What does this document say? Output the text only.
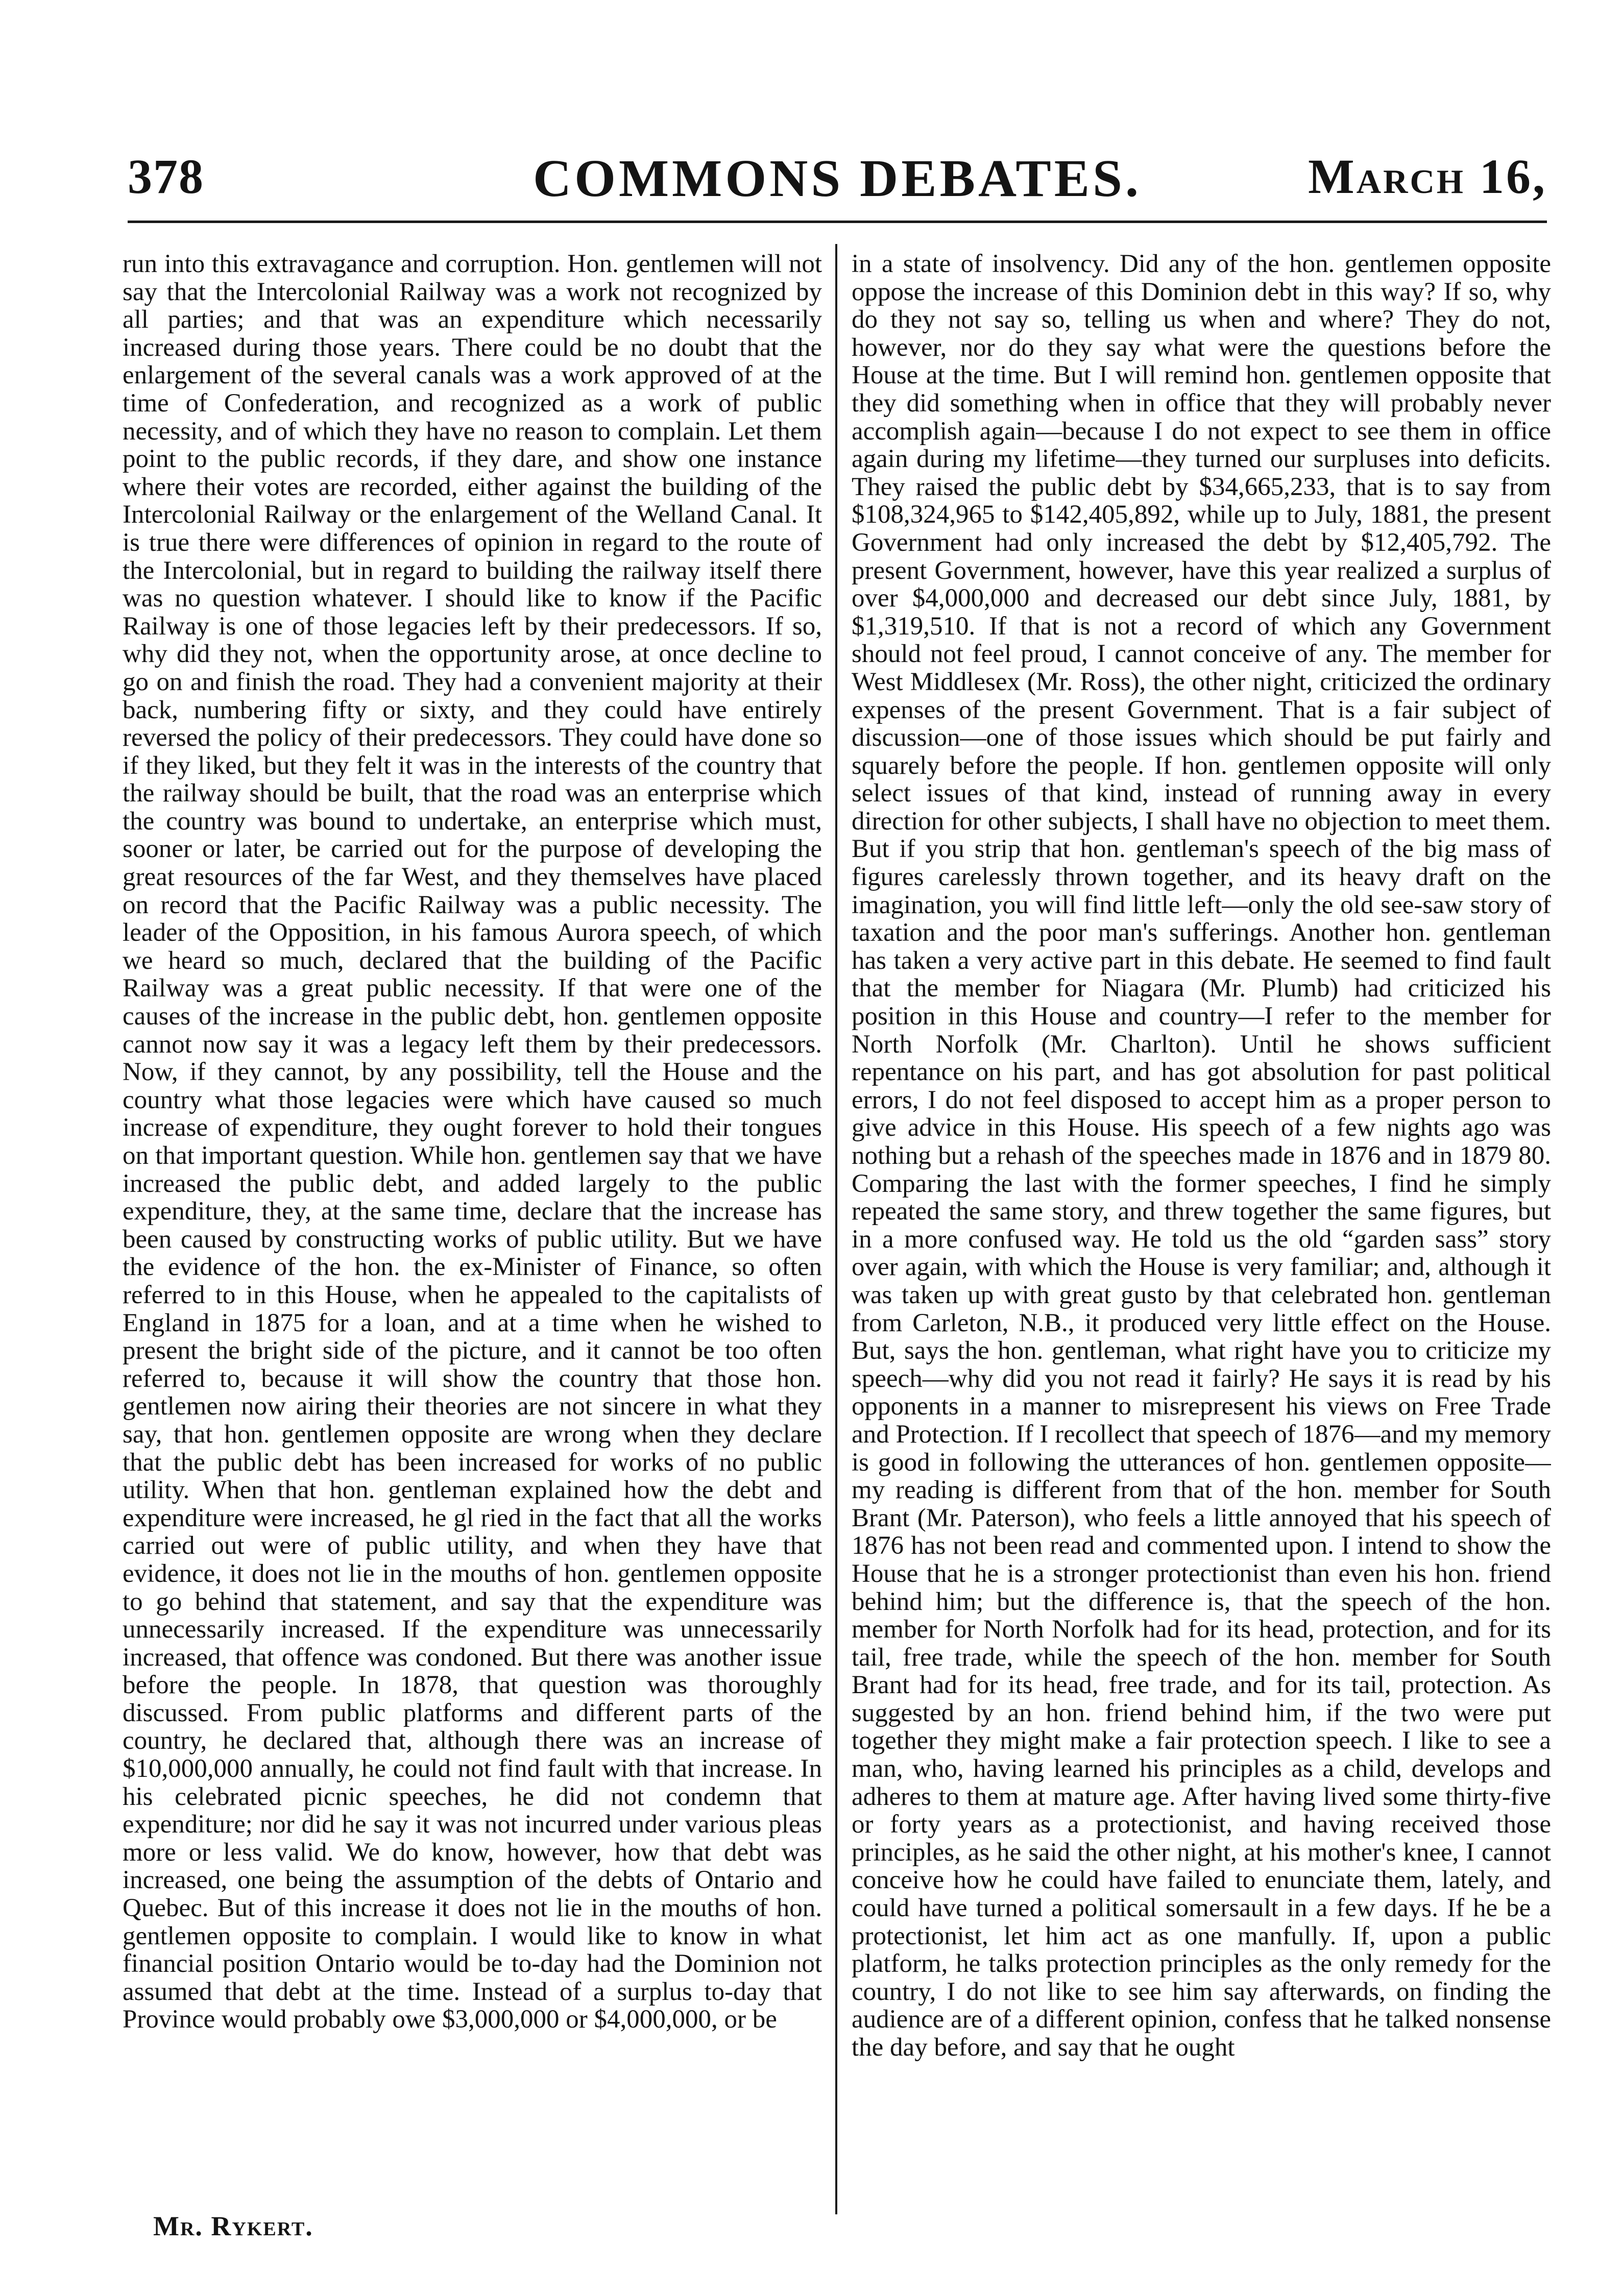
378	COMMONS DEBATES.	March 16,

run into this extravagance and corruption. Hon. gentlemen will not say that the Intercolonial Railway was a work not recognized by all parties; and that was an expenditure which necessarily increased during those years. There could be no doubt that the enlargement of the several canals was a work approved of at the time of Confederation, and recognized as a work of public necessity, and of which they have no reason to complain. Let them point to the public records, if they dare, and show one instance where their votes are recorded, either against the building of the Intercolonial Railway or the enlargement of the Welland Canal. It is true there were differences of opinion in regard to the route of the Intercolonial, but in regard to building the railway itself there was no question whatever. I should like to know if the Pacific Railway is one of those legacies left by their predecessors. If so, why did they not, when the opportunity arose, at once decline to go on and finish the road. They had a convenient majority at their back, numbering fifty or sixty, and they could have entirely reversed the policy of their predecessors. They could have done so if they liked, but they felt it was in the interests of the country that the railway should be built, that the road was an enterprise which the country was bound to undertake, an enterprise which must, sooner or later, be carried out for the purpose of developing the great resources of the far West, and they themselves have placed on record that the Pacific Railway was a public necessity. The leader of the Opposition, in his famous Aurora speech, of which we heard so much, declared that the building of the Pacific Railway was a great public necessity. If that were one of the causes of the increase in the public debt, hon. gentlemen opposite cannot now say it was a legacy left them by their predecessors. Now, if they cannot, by any possibility, tell the House and the country what those legacies were which have caused so much increase of expenditure, they ought forever to hold their tongues on that important question. While hon. gentlemen say that we have increased the public debt, and added largely to the public expenditure, they, at the same time, declare that the increase has been caused by constructing works of public utility. But we have the evidence of the hon. the ex-Minister of Finance, so often referred to in this House, when he appealed to the capitalists of England in 1875 for a loan, and at a time when he wished to present the bright side of the picture, and it cannot be too often referred to, because it will show the country that those hon. gentlemen now airing their theories are not sincere in what they say, that hon. gentlemen opposite are wrong when they declare that the public debt has been increased for works of no public utility. When that hon. gentleman explained how the debt and expenditure were increased, he gl ried in the fact that all the works carried out were of public utility, and when they have that evidence, it does not lie in the mouths of hon. gentlemen opposite to go behind that statement, and say that the expenditure was unnecessarily increased. If the expenditure was unnecessarily increased, that offence was condoned. But there was another issue before the people. In 1878, that question was thoroughly discussed. From public platforms and different parts of the country, he declared that, although there was an increase of $10,000,000 annually, he could not find fault with that increase. In his celebrated picnic speeches, he did not condemn that expenditure; nor did he say it was not incurred under various pleas more or less valid. We do know, however, how that debt was increased, one being the assumption of the debts of Ontario and Quebec. But of this increase it does not lie in the mouths of hon. gentlemen opposite to complain. I would like to know in what financial position Ontario would be to-day had the Dominion not assumed that debt at the time. Instead of a surplus to-day that Province would probably owe $3,000,000 or $4,000,000, or be

in a state of insolvency. Did any of the hon. gentlemen opposite oppose the increase of this Dominion debt in this way? If so, why do they not say so, telling us when and where? They do not, however, nor do they say what were the questions before the House at the time. But I will remind hon. gentlemen opposite that they did something when in office that they will probably never accomplish again—because I do not expect to see them in office again during my lifetime—they turned our surpluses into deficits. They raised the public debt by $34,665,233, that is to say from $108,324,965 to $142,405,892, while up to July, 1881, the present Government had only increased the debt by $12,405,792. The present Government, however, have this year realized a surplus of over $4,000,000 and decreased our debt since July, 1881, by $1,319,510. If that is not a record of which any Government should not feel proud, I cannot conceive of any. The member for West Middlesex (Mr. Ross), the other night, criticized the ordinary expenses of the present Government. That is a fair subject of discussion—one of those issues which should be put fairly and squarely before the people. If hon. gentlemen opposite will only select issues of that kind, instead of running away in every direction for other subjects, I shall have no objection to meet them. But if you strip that hon. gentleman's speech of the big mass of figures carelessly thrown together, and its heavy draft on the imagination, you will find little left—only the old see-saw story of taxation and the poor man's sufferings. Another hon. gentleman has taken a very active part in this debate. He seemed to find fault that the member for Niagara (Mr. Plumb) had criticized his position in this House and country—I refer to the member for North Norfolk (Mr. Charlton). Until he shows sufficient repentance on his part, and has got absolution for past political errors, I do not feel disposed to accept him as a proper person to give advice in this House. His speech of a few nights ago was nothing but a rehash of the speeches made in 1876 and in 1879 80. Comparing the last with the former speeches, I find he simply repeated the same story, and threw together the same figures, but in a more confused way. He told us the old “garden sass” story over again, with which the House is very familiar; and, although it was taken up with great gusto by that celebrated hon. gentleman from Carleton, N.B., it produced very little effect on the House. But, says the hon. gentleman, what right have you to criticize my speech—why did you not read it fairly? He says it is read by his opponents in a manner to misrepresent his views on Free Trade and Protection. If I recollect that speech of 1876—and my memory is good in following the utterances of hon. gentlemen opposite—my reading is different from that of the hon. member for South Brant (Mr. Paterson), who feels a little annoyed that his speech of 1876 has not been read and commented upon. I intend to show the House that he is a stronger protectionist than even his hon. friend behind him; but the difference is, that the speech of the hon. member for North Norfolk had for its head, protection, and for its tail, free trade, while the speech of the hon. member for South Brant had for its head, free trade, and for its tail, protection. As suggested by an hon. friend behind him, if the two were put together they might make a fair protection speech. I like to see a man, who, having learned his principles as a child, develops and adheres to them at mature age. After having lived some thirty-five or forty years as a protectionist, and having received those principles, as he said the other night, at his mother's knee, I cannot conceive how he could have failed to enunciate them, lately, and could have turned a political somersault in a few days. If he be a protectionist, let him act as one manfully. If, upon a public platform, he talks protection principles as the only remedy for the country, I do not like to see him say afterwards, on finding the audience are of a different opinion, confess that he talked nonsense the day before, and say that he ought

Mr. Rykert.
